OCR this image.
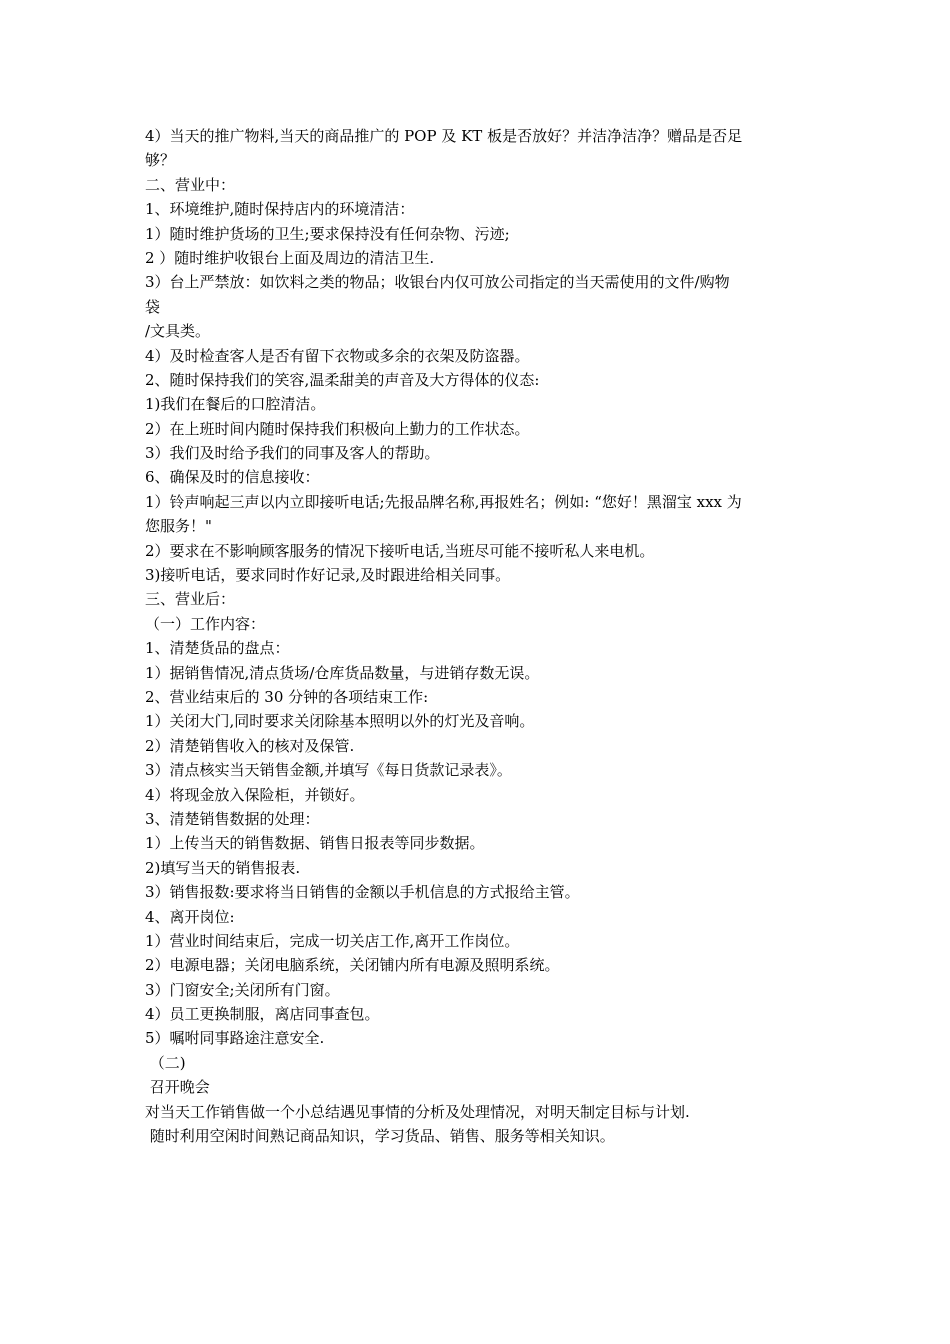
4）当天的推广物料,当天的商品推广的 POP 及 KT 板是否放好？并洁净洁净？赠品是否足
够？
二、营业中：
1、环境维护,随时保持店内的环境清洁：
1）随时维护货场的卫生;要求保持没有任何杂物、污迹;
2 ）随时维护收银台上面及周边的清洁卫生.
3）台上严禁放：如饮料之类的物品；收银台内仅可放公司指定的当天需使用的文件/购物
袋
/文具类。
4）及时检查客人是否有留下衣物或多余的衣架及防盗器。
2、随时保持我们的笑容,温柔甜美的声音及大方得体的仪态:
1)我们在餐后的口腔清洁。
2）在上班时间内随时保持我们积极向上勤力的工作状态。
3）我们及时给予我们的同事及客人的帮助。
6、确保及时的信息接收：
1）铃声响起三声以内立即接听电话;先报品牌名称,再报姓名；例如: “您好！黑溜宝 xxx 为
您服务！"
2）要求在不影响顾客服务的情况下接听电话,当班尽可能不接听私人来电机。
3)接听电话，要求同时作好记录,及时跟进给相关同事。
三、营业后：
（一）工作内容：
1、清楚货品的盘点：
1）据销售情况,清点货场/仓库货品数量，与进销存数无误。
2、营业结束后的 30 分钟的各项结束工作:
1）关闭大门,同时要求关闭除基本照明以外的灯光及音响。
2）清楚销售收入的核对及保管.
3）清点核实当天销售金额,并填写《每日货款记录表》。
4）将现金放入保险柜，并锁好。
3、清楚销售数据的处理：
1）上传当天的销售数据、销售日报表等同步数据。
2)填写当天的销售报表.
3）销售报数:要求将当日销售的金额以手机信息的方式报给主管。
4、离开岗位:
1）营业时间结束后，完成一切关店工作,离开工作岗位。
2）电源电器；关闭电脑系统，关闭铺内所有电源及照明系统。
3）门窗安全;关闭所有门窗。
4）员工更换制服，离店同事查包。
5）嘱咐同事路途注意安全.
（二)
召开晚会
对当天工作销售做一个小总结遇见事情的分析及处理情况，对明天制定目标与计划.
随时利用空闲时间熟记商品知识，学习货品、销售、服务等相关知识。
